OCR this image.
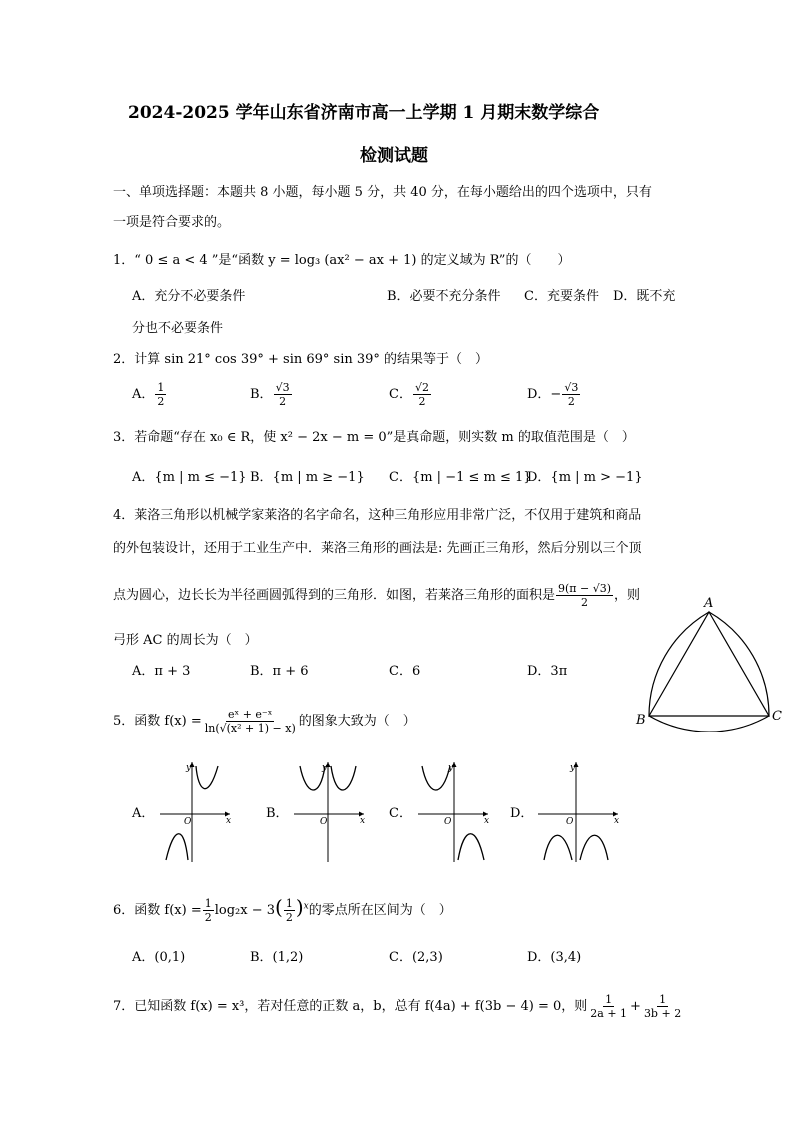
2024-2025 学年山东省济南市高一上学期 1 月期末数学综合
检测试题
一、单项选择题：本题共 8 小题，每小题 5 分，共 40 分，在每小题给出的四个选项中，只有
一项是符合要求的。
1．“ 0 ≤ a < 4 ”是“函数 y = log₃ (ax² − ax + 1) 的定义域为 R”的（　　）
A．充分不必要条件	B．必要不充分条件 C．充要条件 D．既不充
分也不必要条件
2．计算 sin 21° cos 39° + sin 69° sin 39° 的结果等于（　）
A． $\frac{1}{2}$	B． $\frac{√3}{2}$	C． $\frac{√2}{2}$	D．− $\frac{√3}{2}$
3．若命题“存在 x₀ ∈ R，使 x² − 2x − m = 0”是真命题，则实数 m 的取值范围是（　）
A．{m | m ≤ −1} B．{m | m ≥ −1} C．{m | −1 ≤ m ≤ 1}
D．{m | m > −1}
4．莱洛三角形以机械学家莱洛的名字命名，这种三角形应用非常广泛，不仅用于建筑和商品
的外包装设计，还用于工业生产中．莱洛三角形的画法是: 先画正三角形，然后分别以三个顶
点为圆心，边长长为半径画圆弧得到的三角形．如图，若莱洛三角形的面积是 $\frac{9(\pi - √3)}{2}$ ，则
弓形 AC 的周长为（　）
A．π + 3	B．π + 6	C．6	D．3π
A
B	C
5．函数 $f(x) = \frac{\text{eˣ + e⁻ˣ}}{\text{ln(√(x² + 1) − x)}}$ 的图象大致为（　）
A．	B．	C．	D．
y
x
O
y
x
O
y
x
O
y
x
O
6．函数 $f(x) = \frac{1}{2} \log_2x - 3( \frac{1}{2} )^x$的零点所在区间为（　）
A．(0,1)	B．(1,2)	C．(2,3)	D．(3,4)
7．已知函数 f(x) = x³，若对任意的正数 a，b，总有 f(4a) + f(3b − 4) = 0，则 $\frac{1}{2a + 1} + \frac{1}{3b + 2}$
